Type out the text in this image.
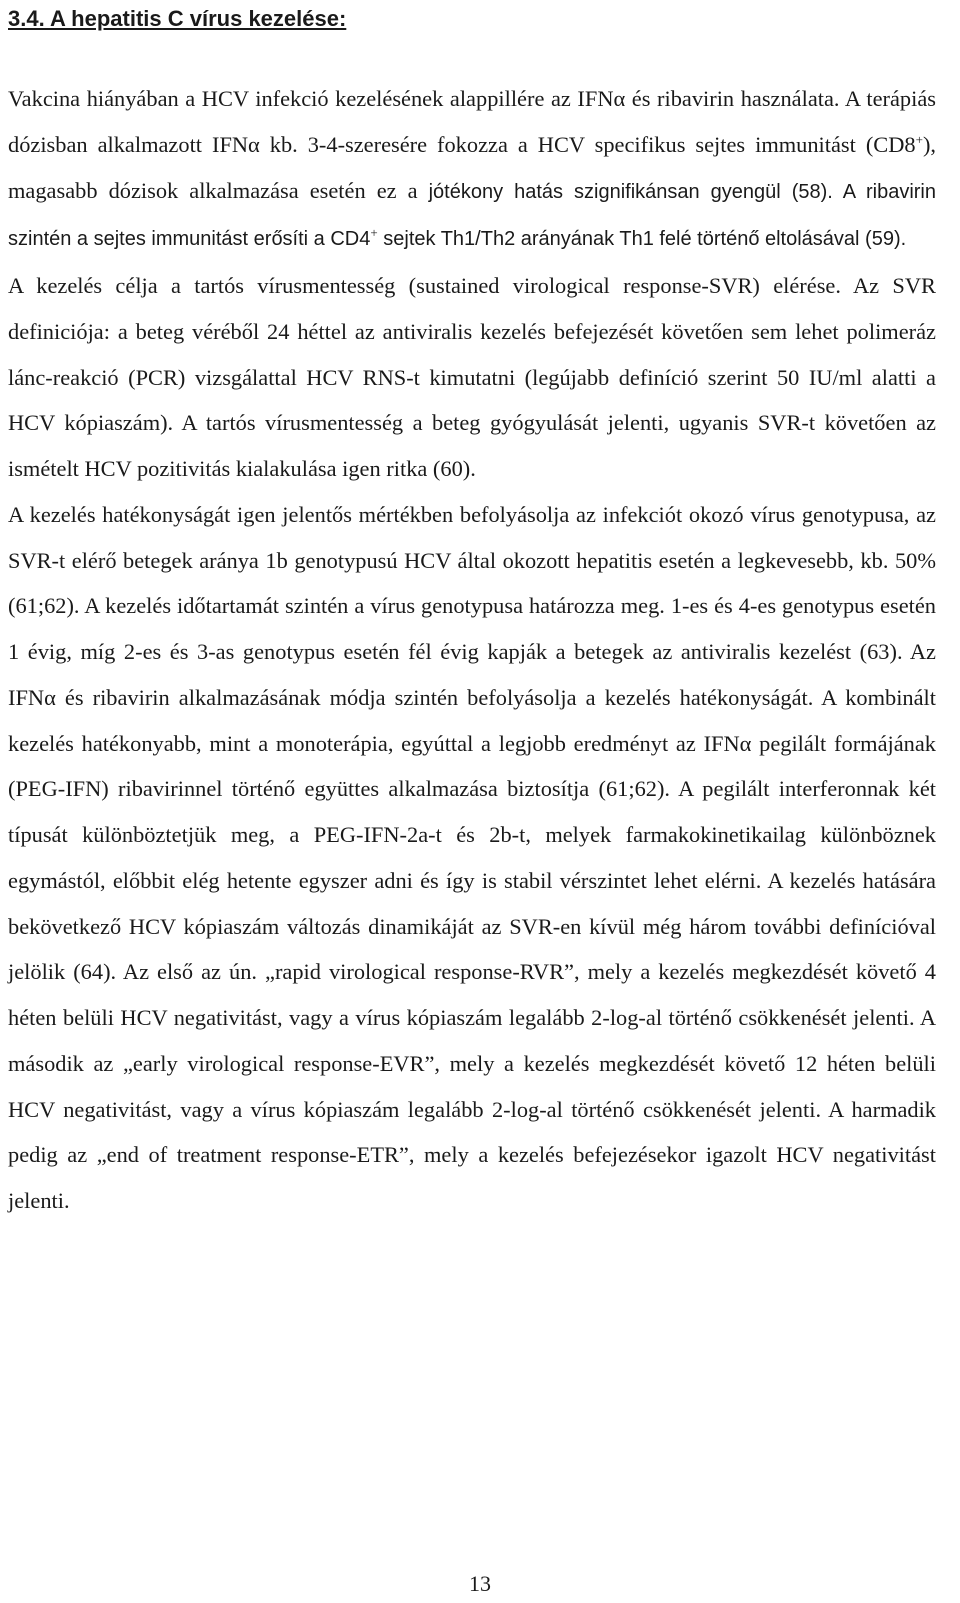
3.4. A hepatitis C vírus kezelése:
Vakcina hiányában a HCV infekció kezelésének alappillére az IFNα és ribavirin használata. A terápiás dózisban alkalmazott IFNα kb. 3-4-szeresére fokozza a HCV specifikus sejtes immunitást (CD8+), magasabb dózisok alkalmazása esetén ez a jótékony hatás szignifikánsan gyengül (58). A ribavirin szintén a sejtes immunitást erősíti a CD4+ sejtek Th1/Th2 arányának Th1 felé történő eltolásával (59).
A kezelés célja a tartós vírusmentesség (sustained virological response-SVR) elérése. Az SVR definiciója: a beteg véréből 24 héttel az antiviralis kezelés befejezését követően sem lehet polimeráz lánc-reakció (PCR) vizsgálattal HCV RNS-t kimutatni (legújabb definíció szerint 50 IU/ml alatti a HCV kópiaszám). A tartós vírusmentesség a beteg gyógyulását jelenti, ugyanis SVR-t követően az ismételt HCV pozitivitás kialakulása igen ritka (60).
A kezelés hatékonyságát igen jelentős mértékben befolyásolja az infekciót okozó vírus genotypusa, az SVR-t elérő betegek aránya 1b genotypusú HCV által okozott hepatitis esetén a legkevesebb, kb. 50% (61;62). A kezelés időtartamát szintén a vírus genotypusa határozza meg. 1-es és 4-es genotypus esetén 1 évig, míg 2-es és 3-as genotypus esetén fél évig kapják a betegek az antiviralis kezelést (63). Az IFNα és ribavirin alkalmazásának módja szintén befolyásolja a kezelés hatékonyságát. A kombinált kezelés hatékonyabb, mint a monoterápia, egyúttal a legjobb eredményt az IFNα pegilált formájának (PEG-IFN) ribavirinnel történő együttes alkalmazása biztosítja (61;62). A pegilált interferonnak két típusát különböztetjük meg, a PEG-IFN-2a-t és 2b-t, melyek farmakokinetikailag különböznek egymástól, előbbit elég hetente egyszer adni és így is stabil vérszintet lehet elérni. A kezelés hatására bekövetkező HCV kópiaszám változás dinamikáját az SVR-en kívül még három további definícióval jelölik (64). Az első az ún. „rapid virological response-RVR”, mely a kezelés megkezdését követő 4 héten belüli HCV negativitást, vagy a vírus kópiaszám legalább 2-log-al történő csökkenését jelenti. A második az „early virological response-EVR”, mely a kezelés megkezdését követő 12 héten belüli HCV negativitást, vagy a vírus kópiaszám legalább 2-log-al történő csökkenését jelenti. A harmadik pedig az „end of treatment response-ETR”, mely a kezelés befejezésekor igazolt HCV negativitást jelenti.
13
